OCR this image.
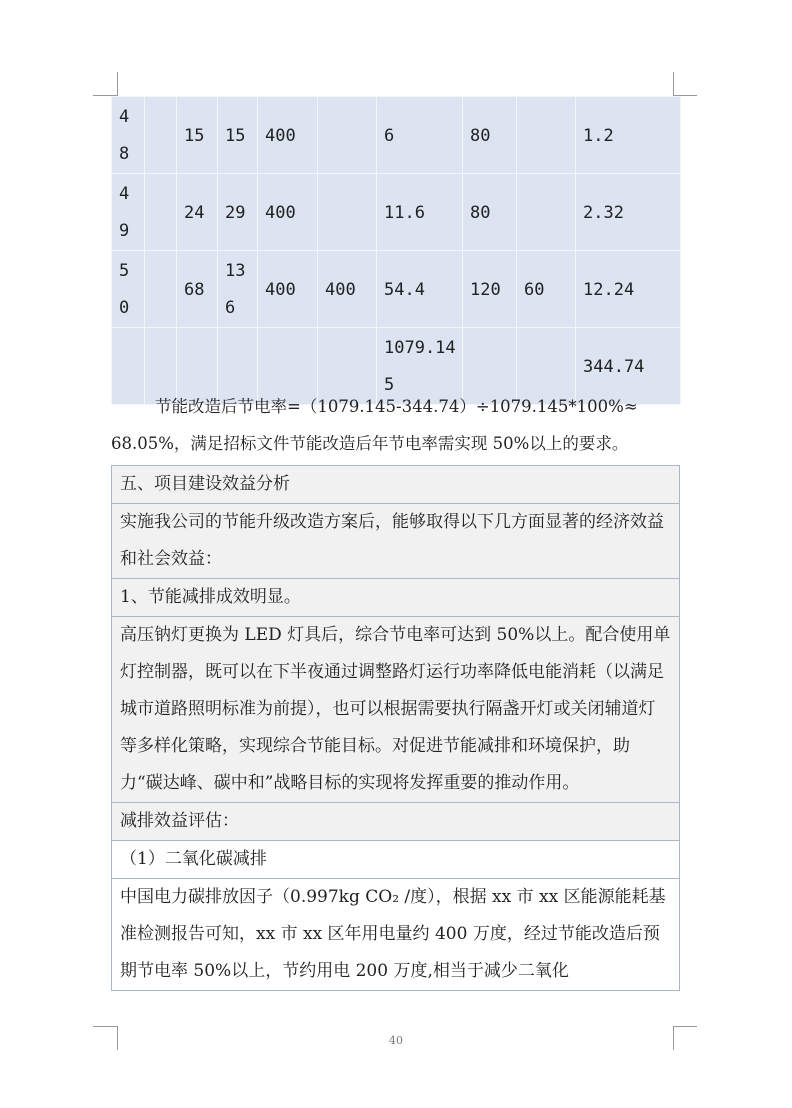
48		15	15	400		6	80		1.2
49		24	29	400		11.6	80		2.32
50		68	136	400	400	54.4	120	60	12.24
						1079.145			344.74
节能改造后节电率=（1079.145-344.74）÷1079.145*100%≈
68.05%，满足招标文件节能改造后年节电率需实现 50%以上的要求。
五、项目建设效益分析
实施我公司的节能升级改造方案后，能够取得以下几方面显著的经济效益和社会效益：
1、节能减排成效明显。
高压钠灯更换为 LED 灯具后，综合节电率可达到 50%以上。配合使用单灯控制器，既可以在下半夜通过调整路灯运行功率降低电能消耗（以满足城市道路照明标准为前提），也可以根据需要执行隔盏开灯或关闭辅道灯等多样化策略，实现综合节能目标。对促进节能减排和环境保护，助力“碳达峰、碳中和”战略目标的实现将发挥重要的推动作用。
减排效益评估：
（1）二氧化碳减排
中国电力碳排放因子（0.997kg CO₂ /度），根据 xx 市 xx 区能源能耗基准检测报告可知，xx 市 xx 区年用电量约 400 万度，经过节能改造后预期节电率 50%以上，节约用电 200 万度,相当于减少二氧化
40
